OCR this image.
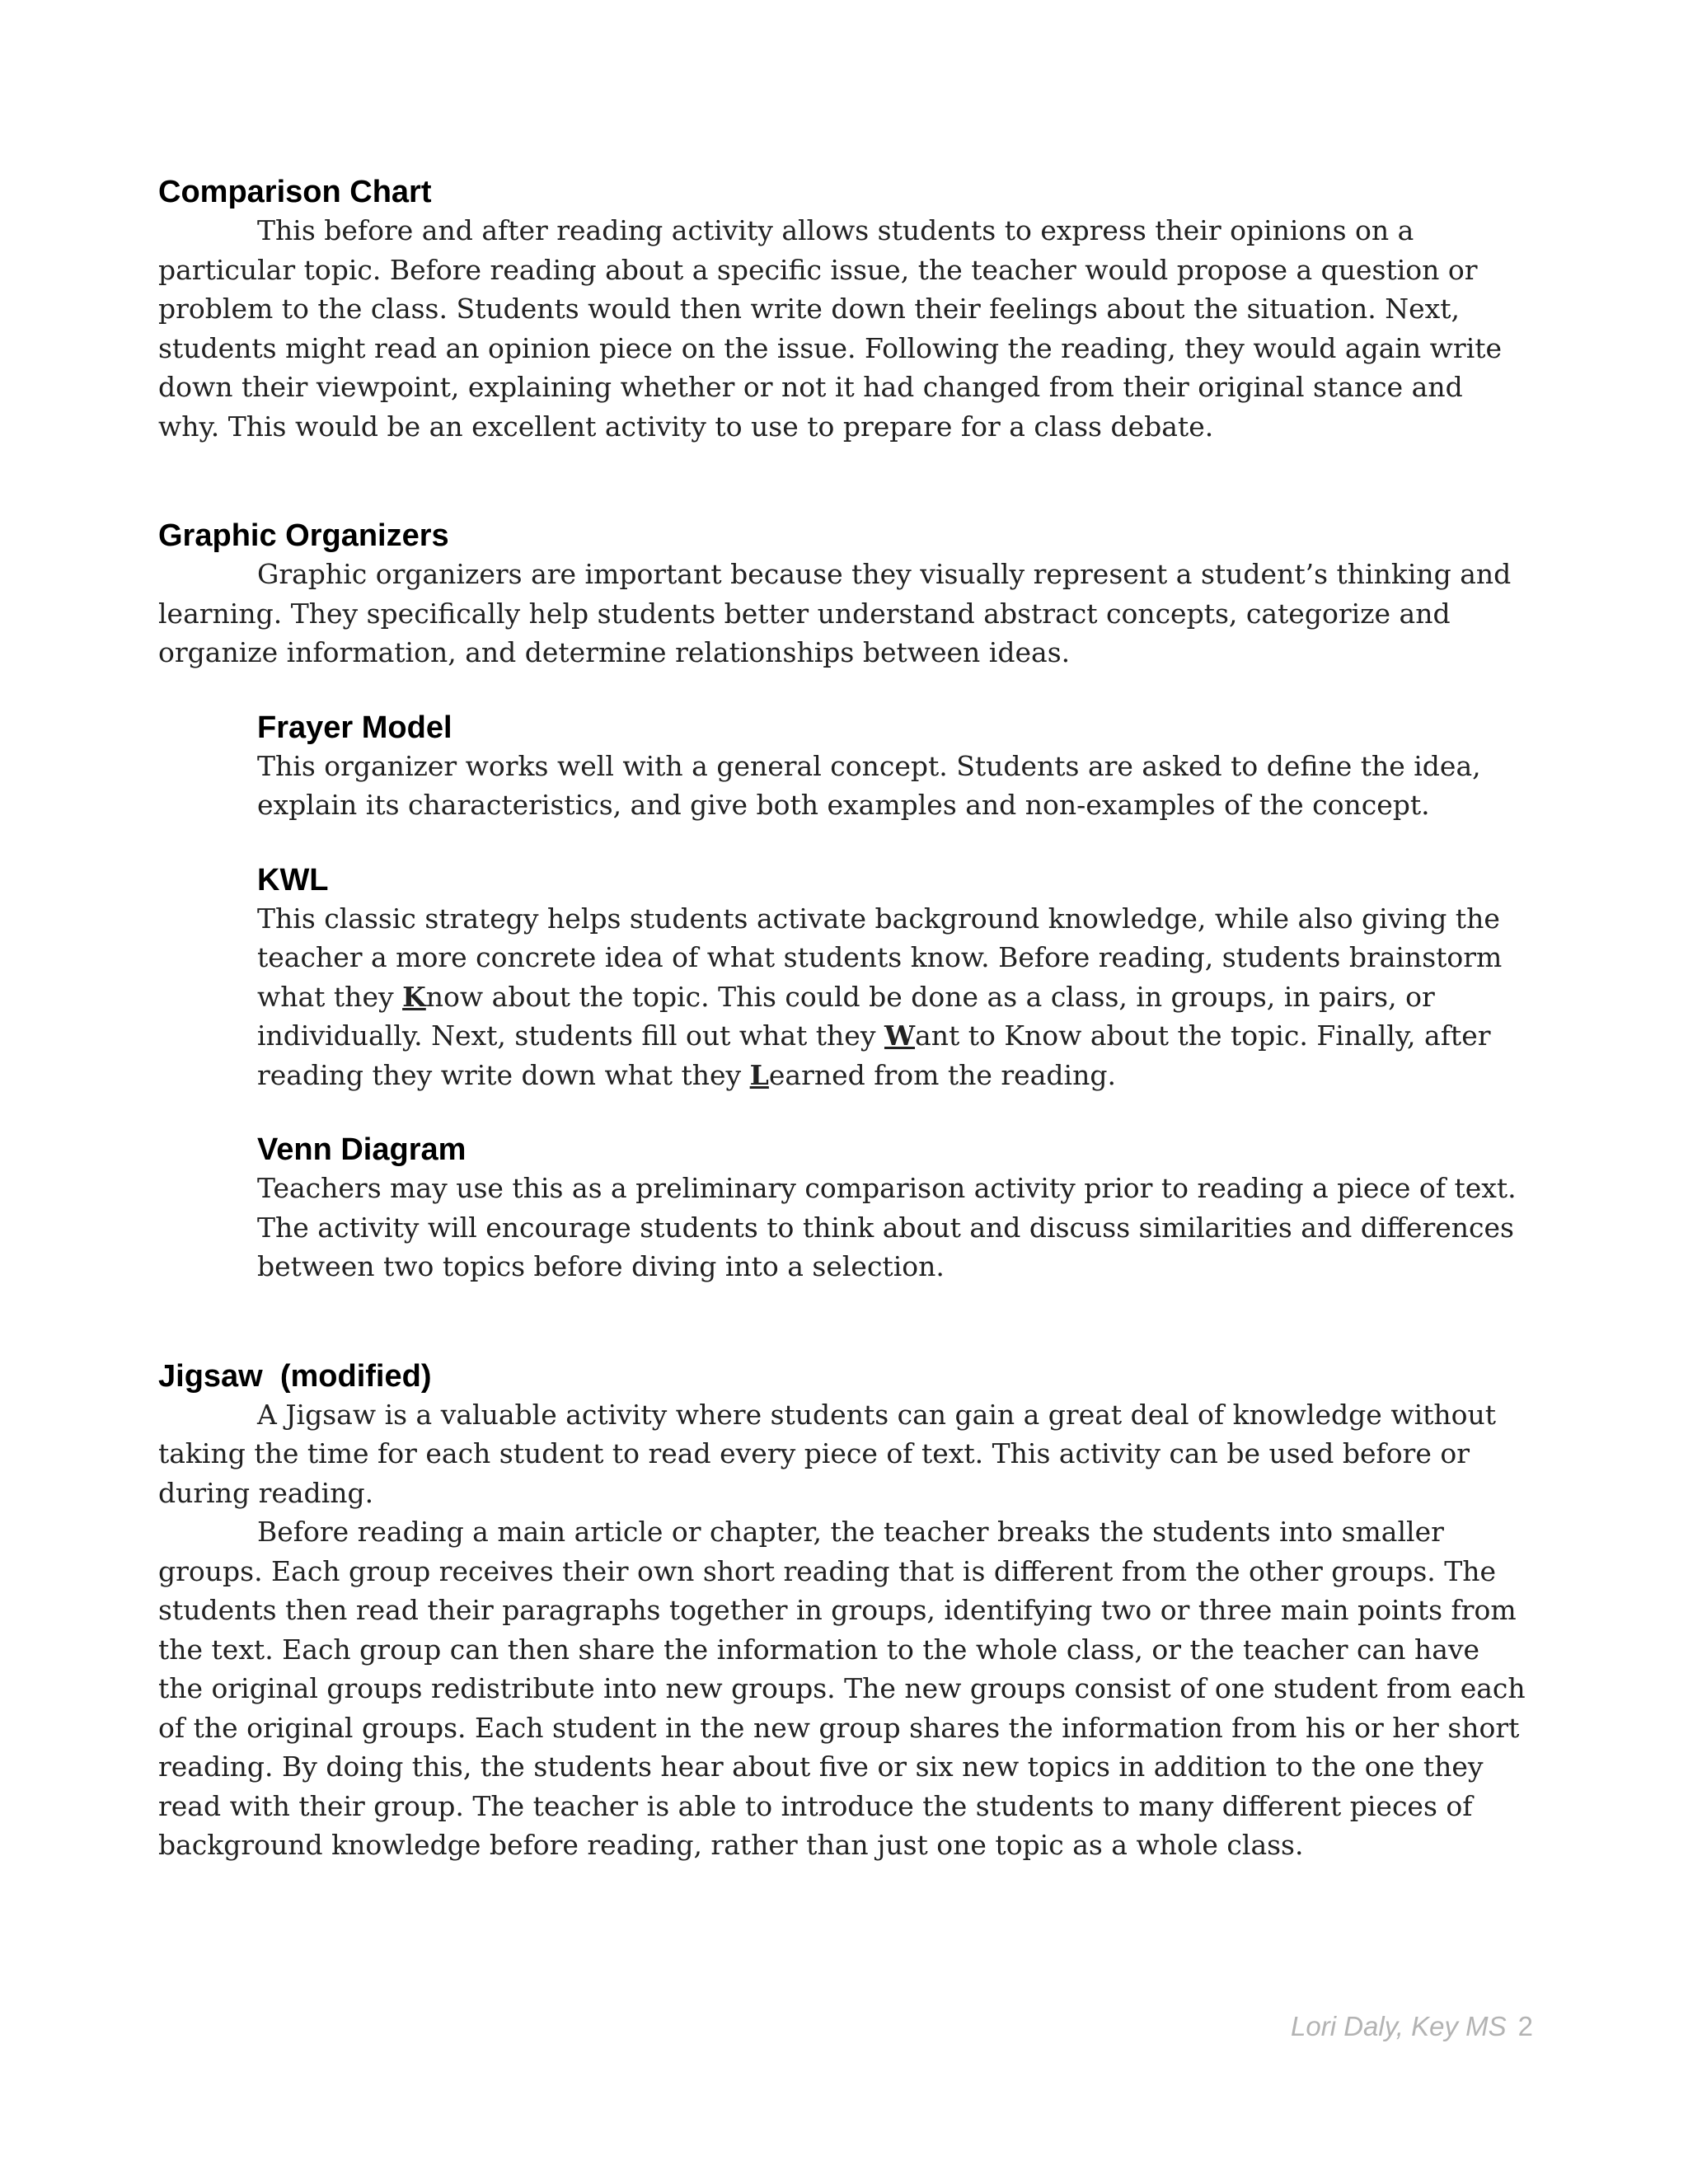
Comparison Chart

This before and after reading activity allows students to express their opinions on a particular topic. Before reading about a specific issue, the teacher would propose a question or problem to the class. Students would then write down their feelings about the situation. Next, students might read an opinion piece on the issue. Following the reading, they would again write down their viewpoint, explaining whether or not it had changed from their original stance and why. This would be an excellent activity to use to prepare for a class debate.

Graphic Organizers

Graphic organizers are important because they visually represent a student’s thinking and learning. They specifically help students better understand abstract concepts, categorize and organize information, and determine relationships between ideas.

Frayer Model

This organizer works well with a general concept. Students are asked to define the idea, explain its characteristics, and give both examples and non-examples of the concept.

KWL

This classic strategy helps students activate background knowledge, while also giving the teacher a more concrete idea of what students know. Before reading, students brainstorm what they Know about the topic. This could be done as a class, in groups, in pairs, or individually. Next, students fill out what they Want to Know about the topic. Finally, after reading they write down what they Learned from the reading.

Venn Diagram

Teachers may use this as a preliminary comparison activity prior to reading a piece of text. The activity will encourage students to think about and discuss similarities and differences between two topics before diving into a selection.

Jigsaw  (modified)

A Jigsaw is a valuable activity where students can gain a great deal of knowledge without taking the time for each student to read every piece of text. This activity can be used before or during reading.

Before reading a main article or chapter, the teacher breaks the students into smaller groups. Each group receives their own short reading that is different from the other groups. The students then read their paragraphs together in groups, identifying two or three main points from the text. Each group can then share the information to the whole class, or the teacher can have the original groups redistribute into new groups. The new groups consist of one student from each of the original groups. Each student in the new group shares the information from his or her short reading. By doing this, the students hear about five or six new topics in addition to the one they read with their group. The teacher is able to introduce the students to many different pieces of background knowledge before reading, rather than just one topic as a whole class.

Lori Daly, Key MS 2
